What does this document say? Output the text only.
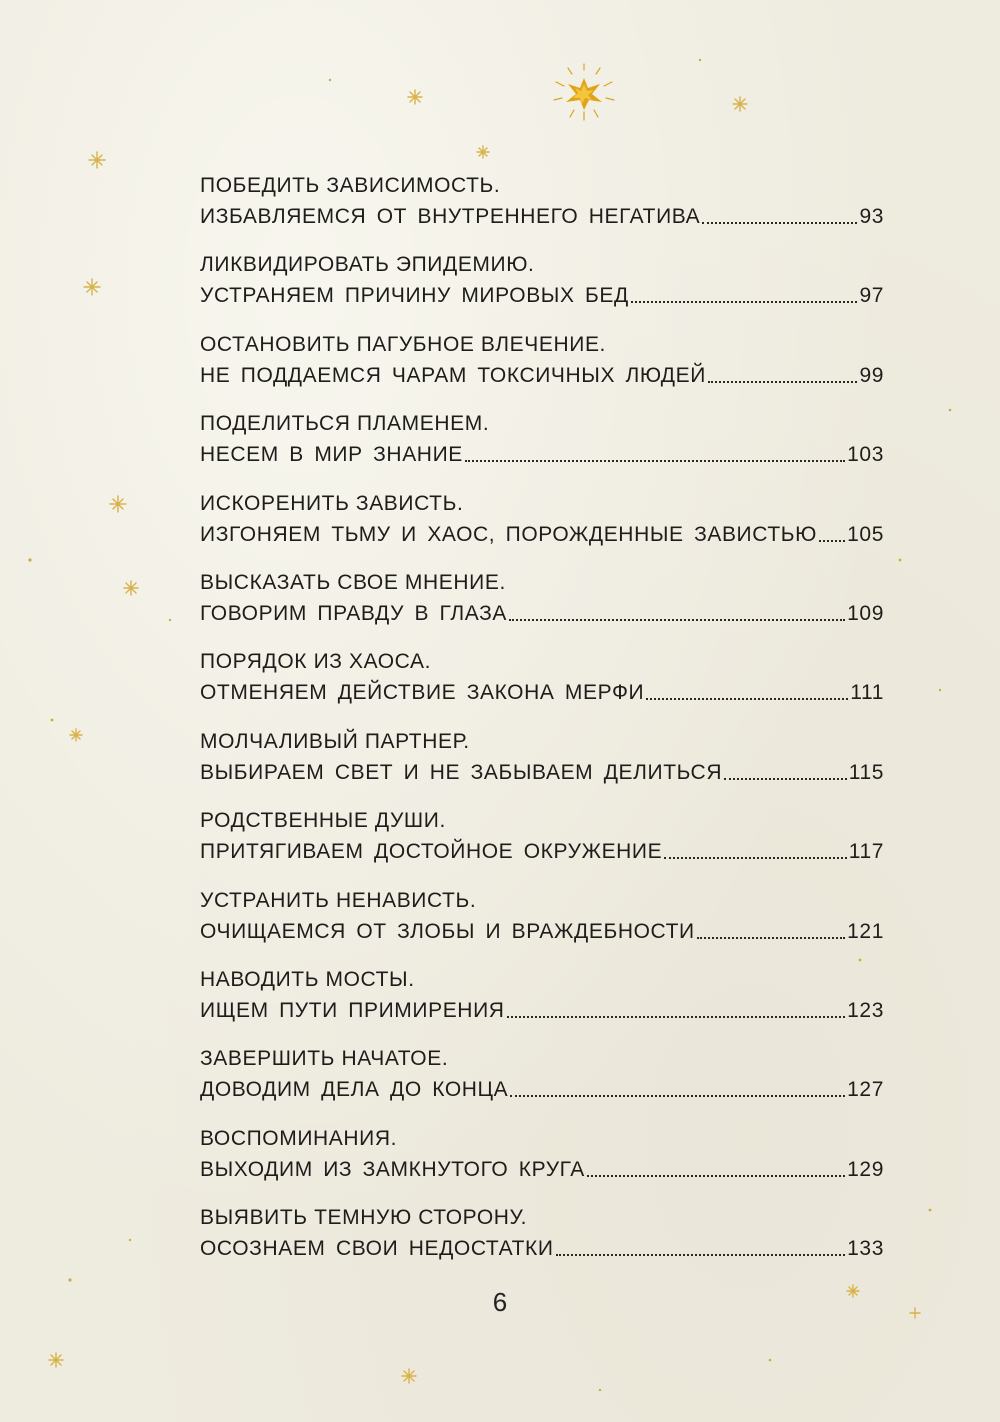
ПОБЕДИТЬ ЗАВИСИМОСТЬ.
ИЗБАВЛЯЕМСЯ ОТ ВНУТРЕННЕГО НЕГАТИВА	93
ЛИКВИДИРОВАТЬ ЭПИДЕМИЮ.
УСТРАНЯЕМ ПРИЧИНУ МИРОВЫХ БЕД	97
ОСТАНОВИТЬ ПАГУБНОЕ ВЛЕЧЕНИЕ.
НЕ ПОДДАЕМСЯ ЧАРАМ ТОКСИЧНЫХ ЛЮДЕЙ	99
ПОДЕЛИТЬСЯ ПЛАМЕНЕМ.
НЕСЕМ В МИР ЗНАНИЕ	103
ИСКОРЕНИТЬ ЗАВИСТЬ.
ИЗГОНЯЕМ ТЬМУ И ХАОС, ПОРОЖДЕННЫЕ ЗАВИСТЬЮ 105
ВЫСКАЗАТЬ СВОЕ МНЕНИЕ.
ГОВОРИМ ПРАВДУ В ГЛАЗА	109
ПОРЯДОК ИЗ ХАОСА.
ОТМЕНЯЕМ ДЕЙСТВИЕ ЗАКОНА МЕРФИ	111
МОЛЧАЛИВЫЙ ПАРТНЕР.
ВЫБИРАЕМ СВЕТ И НЕ ЗАБЫВАЕМ ДЕЛИТЬСЯ	115
РОДСТВЕННЫЕ ДУШИ.
ПРИТЯГИВАЕМ ДОСТОЙНОЕ ОКРУЖЕНИЕ	117
УСТРАНИТЬ НЕНАВИСТЬ.
ОЧИЩАЕМСЯ ОТ ЗЛОБЫ И ВРАЖДЕБНОСТИ	121
НАВОДИТЬ МОСТЫ.
ИЩЕМ ПУТИ ПРИМИРЕНИЯ	123
ЗАВЕРШИТЬ НАЧАТОЕ.
ДОВОДИМ ДЕЛА ДО КОНЦА	127
ВОСПОМИНАНИЯ.
ВЫХОДИМ ИЗ ЗАМКНУТОГО КРУГА	129
ВЫЯВИТЬ ТЕМНУЮ СТОРОНУ.
ОСОЗНАЕМ СВОИ НЕДОСТАТКИ	133
6
